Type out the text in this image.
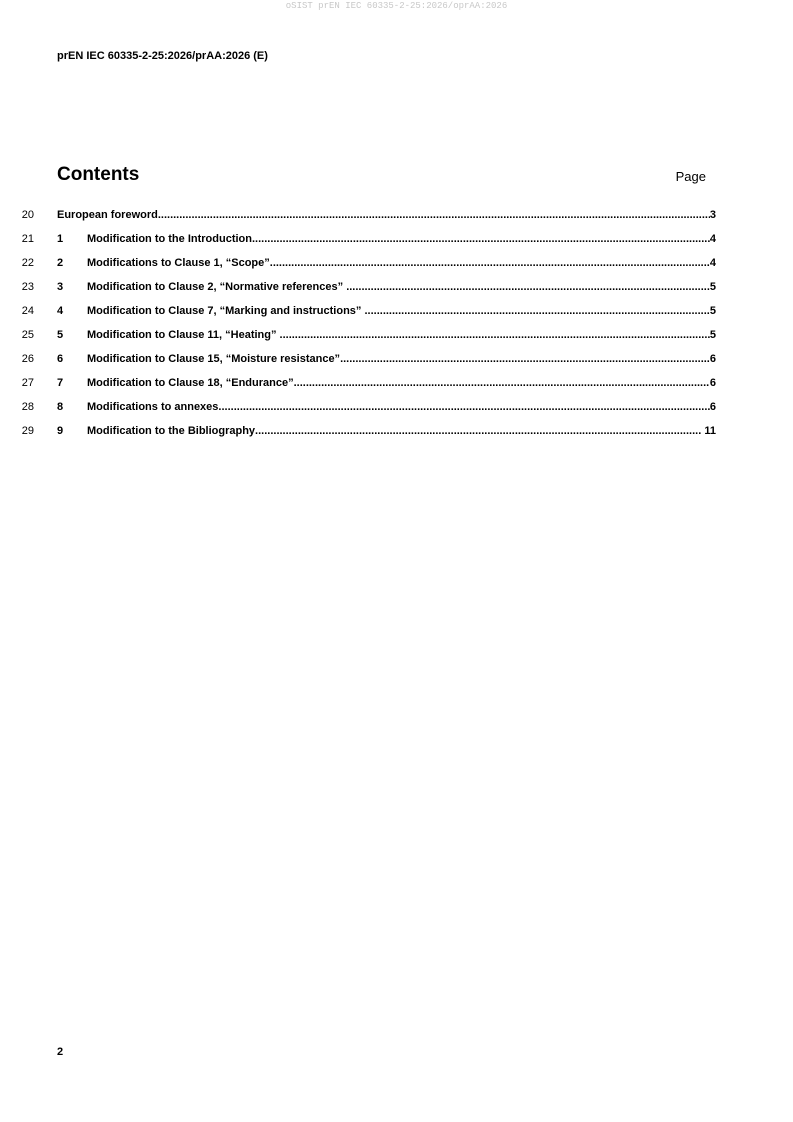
oSIST prEN IEC 60335-2-25:2026/oprAA:2026
prEN IEC 60335-2-25:2026/prAA:2026 (E)
Contents	Page
20 European foreword .....	3
21 1	Modification to the Introduction .....	4
22 2	Modifications to Clause 1, “Scope” .....	4
23 3	Modification to Clause 2, “Normative references” .....	5
24 4	Modification to Clause 7, “Marking and instructions” .....	5
25 5	Modification to Clause 11, “Heating” .....	5
26 6	Modification to Clause 15, “Moisture resistance” .....	6
27 7	Modification to Clause 18, “Endurance” .....	6
28 8	Modifications to annexes .....	6
29 9	Modification to the Bibliography .....	11
2
